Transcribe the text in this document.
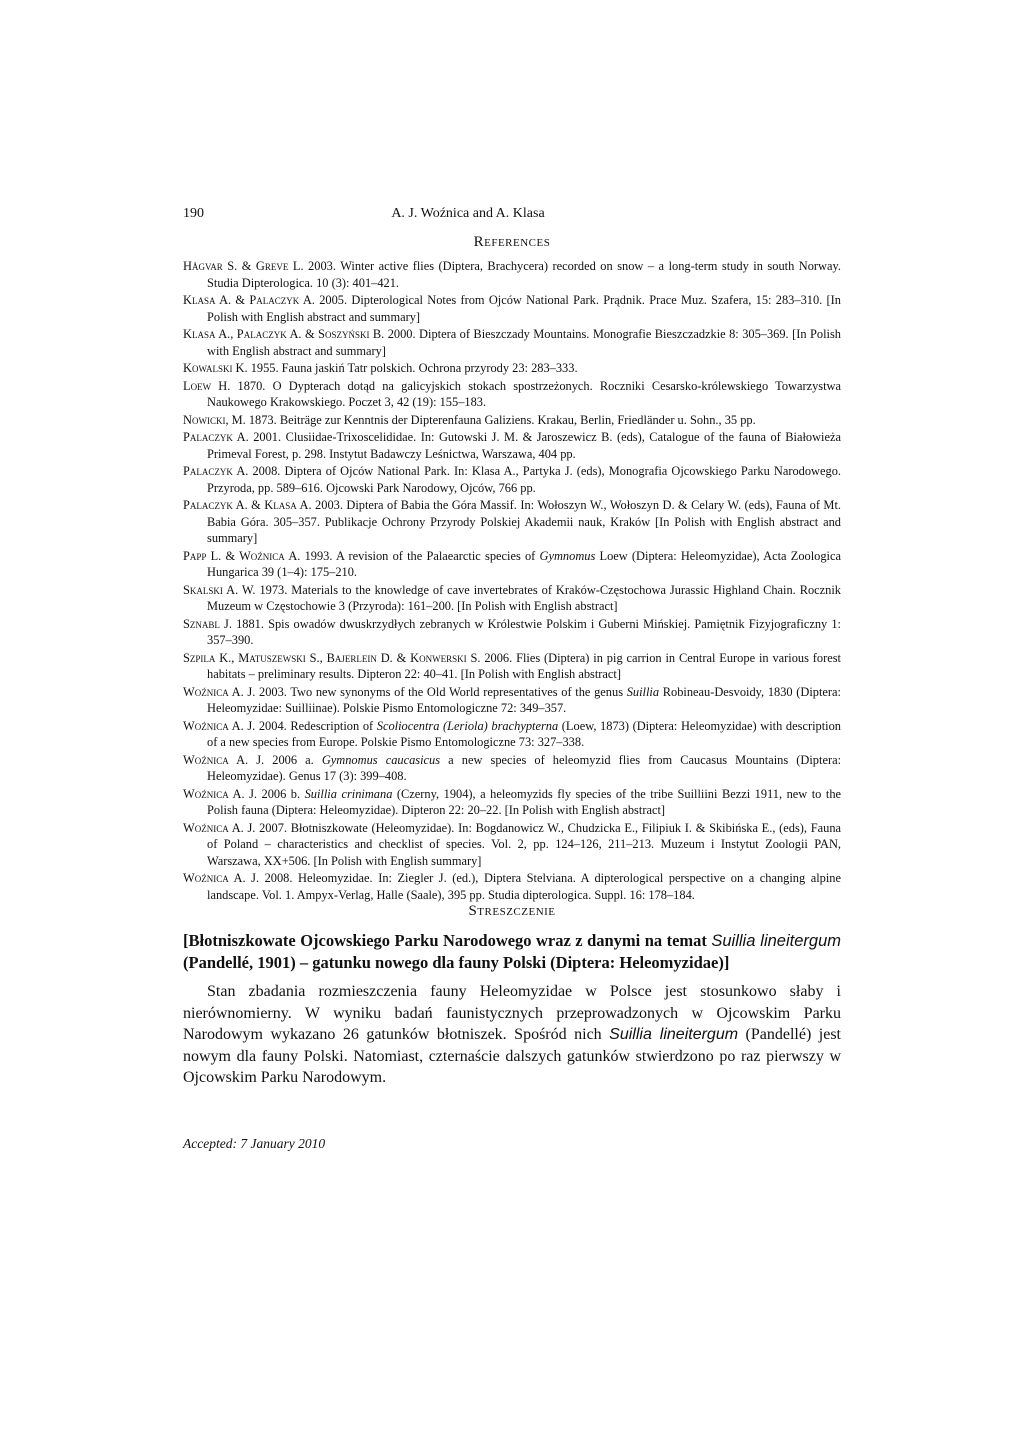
190	A. J. Woźnica and A. Klasa
References
Hågvar S. & Greve L. 2003. Winter active flies (Diptera, Brachycera) recorded on snow – a long-term study in south Norway. Studia Dipterologica. 10 (3): 401–421.
Klasa A. & Palaczyk A. 2005. Dipterological Notes from Ojców National Park. Prądnik. Prace Muz. Szafera, 15: 283–310. [In Polish with English abstract and summary]
Klasa A., Palaczyk A. & Soszyński B. 2000. Diptera of Bieszczady Mountains. Monografie Bieszczadzkie 8: 305–369. [In Polish with English abstract and summary]
Kowalski K. 1955. Fauna jaskiń Tatr polskich. Ochrona przyrody 23: 283–333.
Loew H. 1870. O Dypterach dotąd na galicyjskich stokach spostrzeżonych. Roczniki Cesarsko-królewskiego Towarzystwa Naukowego Krakowskiego. Poczet 3, 42 (19): 155–183.
Nowicki, M. 1873. Beiträge zur Kenntnis der Dipterenfauna Galiziens. Krakau, Berlin, Friedländer u. Sohn., 35 pp.
Palaczyk A. 2001. Clusiidae-Trixoscelididae. In: Gutowski J. M. & Jaroszewicz B. (eds), Catalogue of the fauna of Białowieża Primeval Forest, p. 298. Instytut Badawczy Leśnictwa, Warszawa, 404 pp.
Palaczyk A. 2008. Diptera of Ojców National Park. In: Klasa A., Partyka J. (eds), Monografia Ojcowskiego Parku Narodowego. Przyroda, pp. 589–616. Ojcowski Park Narodowy, Ojców, 766 pp.
Palaczyk A. & Klasa A. 2003. Diptera of Babia the Góra Massif. In: Wołoszyn W., Wołoszyn D. & Celary W. (eds), Fauna of Mt. Babia Góra. 305–357. Publikacje Ochrony Przyrody Polskiej Akademii nauk, Kraków [In Polish with English abstract and summary]
Papp L. & Woźnica A. 1993. A revision of the Palaearctic species of Gymnomus Loew (Diptera: Heleomyzidae), Acta Zoologica Hungarica 39 (1–4): 175–210.
Skalski A. W. 1973. Materials to the knowledge of cave invertebrates of Kraków-Częstochowa Jurassic Highland Chain. Rocznik Muzeum w Częstochowie 3 (Przyroda): 161–200. [In Polish with English abstract]
Sznabl J. 1881. Spis owadów dwuskrzydłych zebranych w Królestwie Polskim i Guberni Mińskiej. Pamiętnik Fizyjograficzny 1: 357–390.
Szpila K., Matuszewski S., Bajerlein D. & Konwerski S. 2006. Flies (Diptera) in pig carrion in Central Europe in various forest habitats – preliminary results. Dipteron 22: 40–41. [In Polish with English abstract]
Woźnica A. J. 2003. Two new synonyms of the Old World representatives of the genus Suillia Robineau-Desvoidy, 1830 (Diptera: Heleomyzidae: Suilliinae). Polskie Pismo Entomologiczne 72: 349–357.
Woźnica A. J. 2004. Redescription of Scoliocentra (Leriola) brachypterna (Loew, 1873) (Diptera: Heleomyzidae) with description of a new species from Europe. Polskie Pismo Entomologiczne 73: 327–338.
Woźnica A. J. 2006 a. Gymnomus caucasicus a new species of heleomyzid flies from Caucasus Mountains (Diptera: Heleomyzidae). Genus 17 (3): 399–408.
Woźnica A. J. 2006 b. Suillia crinimana (Czerny, 1904), a heleomyzids fly species of the tribe Suilliini Bezzi 1911, new to the Polish fauna (Diptera: Heleomyzidae). Dipteron 22: 20–22. [In Polish with English abstract]
Woźnica A. J. 2007. Błotniszkowate (Heleomyzidae). In: Bogdanowicz W., Chudzicka E., Filipiuk I. & Skibińska E., (eds), Fauna of Poland – characteristics and checklist of species. Vol. 2, pp. 124–126, 211–213. Muzeum i Instytut Zoologii PAN, Warszawa, XX+506. [In Polish with English summary]
Woźnica A. J. 2008. Heleomyzidae. In: Ziegler J. (ed.), Diptera Stelviana. A dipterological perspective on a changing alpine landscape. Vol. 1. Ampyx-Verlag, Halle (Saale), 395 pp. Studia dipterologica. Suppl. 16: 178–184.
Streszczenie
[Błotniszkowate Ojcowskiego Parku Narodowego wraz z danymi na temat Suillia lineitergum (Pandellé, 1901) – gatunku nowego dla fauny Polski (Diptera: Heleomyzidae)]
Stan zbadania rozmieszczenia fauny Heleomyzidae w Polsce jest stosunkowo słaby i nierównomierny. W wyniku badań faunistycznych przeprowadzonych w Ojcowskim Parku Narodowym wykazano 26 gatunków błotniszek. Spośród nich Suillia lineitergum (Pandellé) jest nowym dla fauny Polski. Natomiast, czternaście dalszych gatunków stwierdzono po raz pierwszy w Ojcowskim Parku Narodowym.
Accepted: 7 January 2010
